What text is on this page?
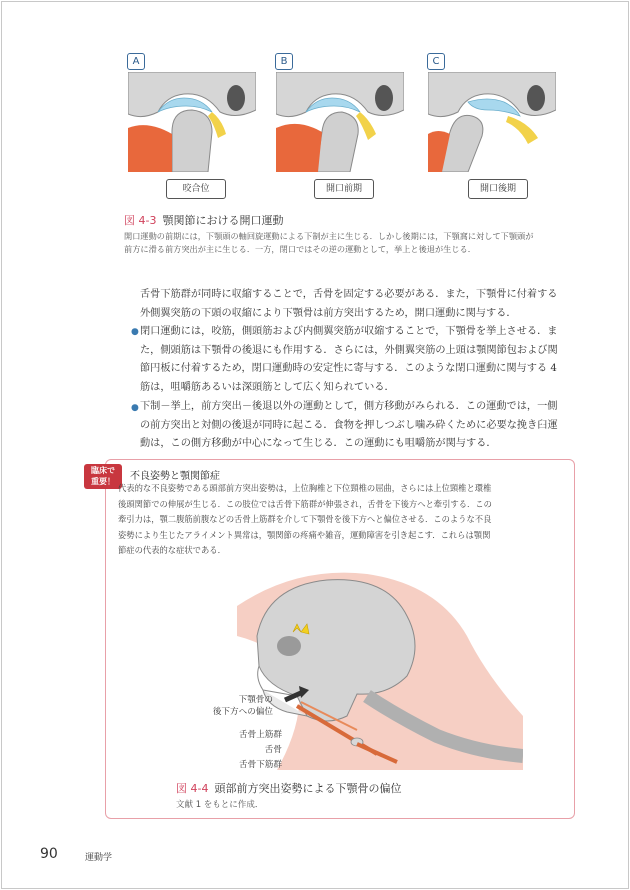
A	B	C
咬合位	開口前期	開口後期
図 4-3 顎関節における開口運動
開口運動の前期には，下顎頭の軸回旋運動による下制が主に生じる．しかし後期には，下顎窩に対して下顎頭が
前方に滑る前方突出が主に生じる．一方，閉口ではその逆の運動として，挙上と後退が生じる．
舌骨下筋群が同時に収縮することで，舌骨を固定する必要がある．また，下顎骨に付着する
外側翼突筋の下頭の収縮により下顎骨は前方突出するため，開口運動に関与する．
● 閉口運動には，咬筋，側頭筋および内側翼突筋が収縮することで，下顎骨を挙上させる．ま
た，側頭筋は下顎骨の後退にも作用する．さらには，外側翼突筋の上頭は顎関節包および関
節円板に付着するため，閉口運動時の安定性に寄与する．このような閉口運動に関与する 4
筋は，咀嚼筋あるいは深頭筋として広く知られている．
● 下制－挙上，前方突出－後退以外の運動として，側方移動がみられる．この運動では，一側
の前方突出と対側の後退が同時に起こる．食物を押しつぶし噛み砕くために必要な挽き臼運
動は，この側方移動が中心になって生じる．この運動にも咀嚼筋が関与する．
臨床で
重要！	不良姿勢と顎関節症
代表的な不良姿勢である頭部前方突出姿勢は，上位胸椎と下位頸椎の屈曲，さらには上位頸椎と環椎
後頭関節での伸展が生じる．この肢位では舌骨下筋群が伸張され，舌骨を下後方へと牽引する．この
牽引力は，顎二腹筋前腹などの舌骨上筋群を介して下顎骨を後下方へと偏位させる．このような不良
姿勢により生じたアライメント異常は，顎関節の疼痛や雑音，運動障害を引き起こす．これらは顎関
節症の代表的な症状である．
下顎骨の
後下方への偏位
舌骨上筋群
舌骨
舌骨下筋群
図 4-4 頭部前方突出姿勢による下顎骨の偏位
文献 1 をもとに作成．
90	運動学
